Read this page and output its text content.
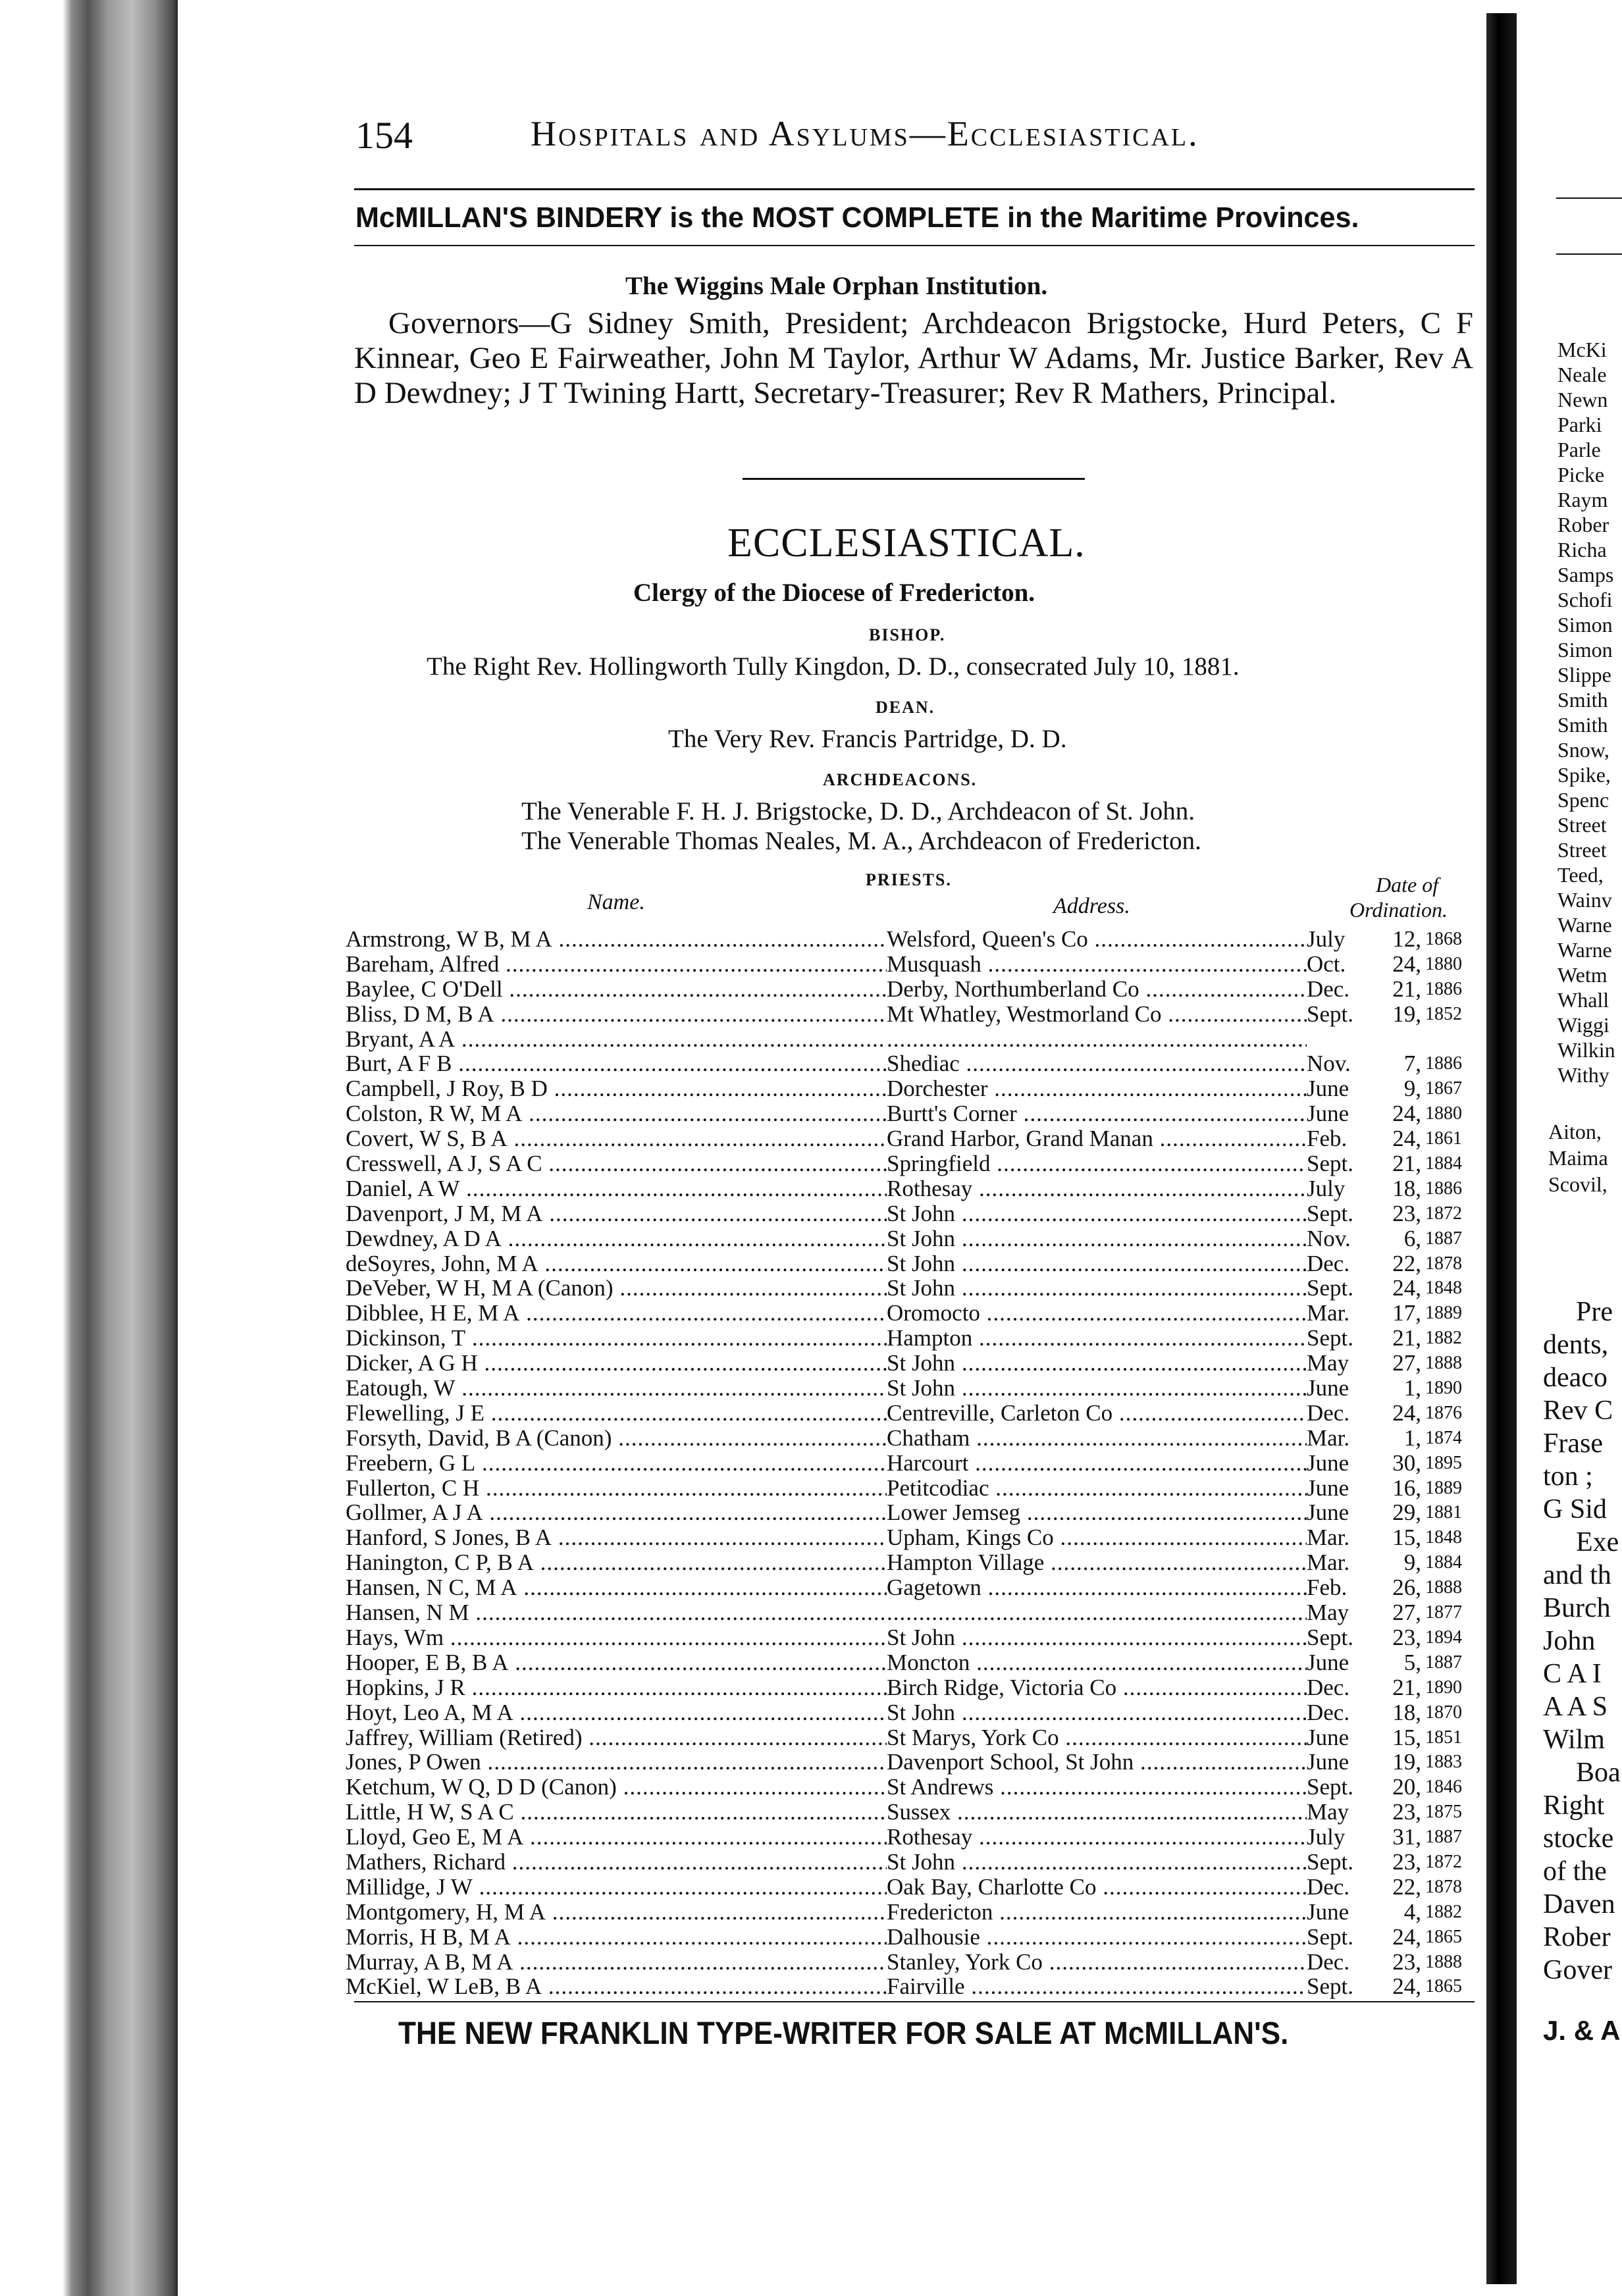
154	Hospitals and Asylums—Ecclesiastical.
McMILLAN'S BINDERY is the MOST COMPLETE in the Maritime Provinces.
The Wiggins Male Orphan Institution.
Governors—G Sidney Smith, President; Archdeacon Brigstocke, Hurd Peters, C F Kinnear, Geo E Fairweather, John M Taylor, Arthur W Adams, Mr. Justice Barker, Rev A D Dewdney; J T Twining Hartt, Secretary-Treasurer; Rev R Mathers, Principal.
ECCLESIASTICAL.
Clergy of the Diocese of Fredericton.
BISHOP.
The Right Rev. Hollingworth Tully Kingdon, D. D., consecrated July 10, 1881.
DEAN.
The Very Rev. Francis Partridge, D. D.
ARCHDEACONS.
The Venerable F. H. J. Brigstocke, D. D., Archdeacon of St. John.
The Venerable Thomas Neales, M. A., Archdeacon of Fredericton.
PRIESTS.
Name.	Address.
Date of
Ordination.
Armstrong, W B, M A .....	Welsford, Queen's Co .....	July	12, 1868
Bareham, Alfred .....	Musquash .....	Oct.	24, 1880
Baylee, C O'Dell .....	Derby, Northumberland Co .....	Dec.	21, 1886
Bliss, D M, B A .....	Mt Whatley, Westmorland Co .....	Sept.	19, 1852
Bryant, A A .....
.....
Burt, A F B .....	Shediac .....	Nov.	7, 1886
Campbell, J Roy, B D .....	Dorchester .....	June	9, 1867
Colston, R W, M A .....	Burtt's Corner .....	June	24, 1880
Covert, W S, B A .....	Grand Harbor, Grand Manan .....	Feb.	24, 1861
Cresswell, A J, S A C .....	Springfield .....	Sept.	21, 1884
Daniel, A W .....	Rothesay .....	July	18, 1886
Davenport, J M, M A .....	St John .....	Sept.	23, 1872
Dewdney, A D A .....	St John .....	Nov.	6, 1887
deSoyres, John, M A .....	St John .....	Dec.	22, 1878
DeVeber, W H, M A (Canon) .....	St John .....	Sept.	24, 1848
Dibblee, H E, M A .....	Oromocto .....	Mar.	17, 1889
Dickinson, T .....	Hampton .....	Sept.	21, 1882
Dicker, A G H .....	St John .....	May	27, 1888
Eatough, W .....	St John .....	June	1, 1890
Flewelling, J E .....	Centreville, Carleton Co .....	Dec.	24, 1876
Forsyth, David, B A (Canon) .....	Chatham .....	Mar.	1, 1874
Freebern, G L .....	Harcourt .....	June	30, 1895
Fullerton, C H .....	Petitcodiac .....	June	16, 1889
Gollmer, A J A .....	Lower Jemseg .....	June	29, 1881
Hanford, S Jones, B A .....	Upham, Kings Co .....	Mar.	15, 1848
Hanington, C P, B A .....	Hampton Village .....	Mar.	9, 1884
Hansen, N C, M A .....	Gagetown .....	Feb.	26, 1888
Hansen, N M .....
.....	May	27, 1877
Hays, Wm .....	St John .....	Sept.	23, 1894
Hooper, E B, B A .....	Moncton .....	June	5, 1887
Hopkins, J R .....	Birch Ridge, Victoria Co .....	Dec.	21, 1890
Hoyt, Leo A, M A .....	St John .....	Dec.	18, 1870
Jaffrey, William (Retired) .....	St Marys, York Co .....	June	15, 1851
Jones, P Owen .....	Davenport School, St John .....	June	19, 1883
Ketchum, W Q, D D (Canon) .....	St Andrews .....	Sept.	20, 1846
Little, H W, S A C .....	Sussex .....	May	23, 1875
Lloyd, Geo E, M A .....	Rothesay .....	July	31, 1887
Mathers, Richard .....	St John .....	Sept.	23, 1872
Millidge, J W .....	Oak Bay, Charlotte Co .....	Dec.	22, 1878
Montgomery, H, M A .....	Fredericton .....	June	4, 1882
Morris, H B, M A .....	Dalhousie .....	Sept.	24, 1865
Murray, A B, M A .....	Stanley, York Co .....	Dec.	23, 1888
McKiel, W LeB, B A .....	Fairville .....	Sept.	24, 1865
THE NEW FRANKLIN TYPE-WRITER FOR SALE AT McMILLAN'S.
McKi
Neale
Newn
Parki
Parle
Picke
Raym
Rober
Richa
Samps
Schofi
Simon
Simon
Slippe
Smith
Smith
Snow,
Spike,
Spenc
Street
Street
Teed,
Wainv
Warne
Warne
Wetm
Whall
Wiggi
Wilkin
Withy
Aiton,
Maima
Scovil,
Pre
dents,
deaco
Rev C
Frase
ton ;
G Sid
Exe
and th
Burch
John
C A I
A A S
Wilm
Boa
Right
stocke
of the
Daven
Rober
Gover
J. & A
